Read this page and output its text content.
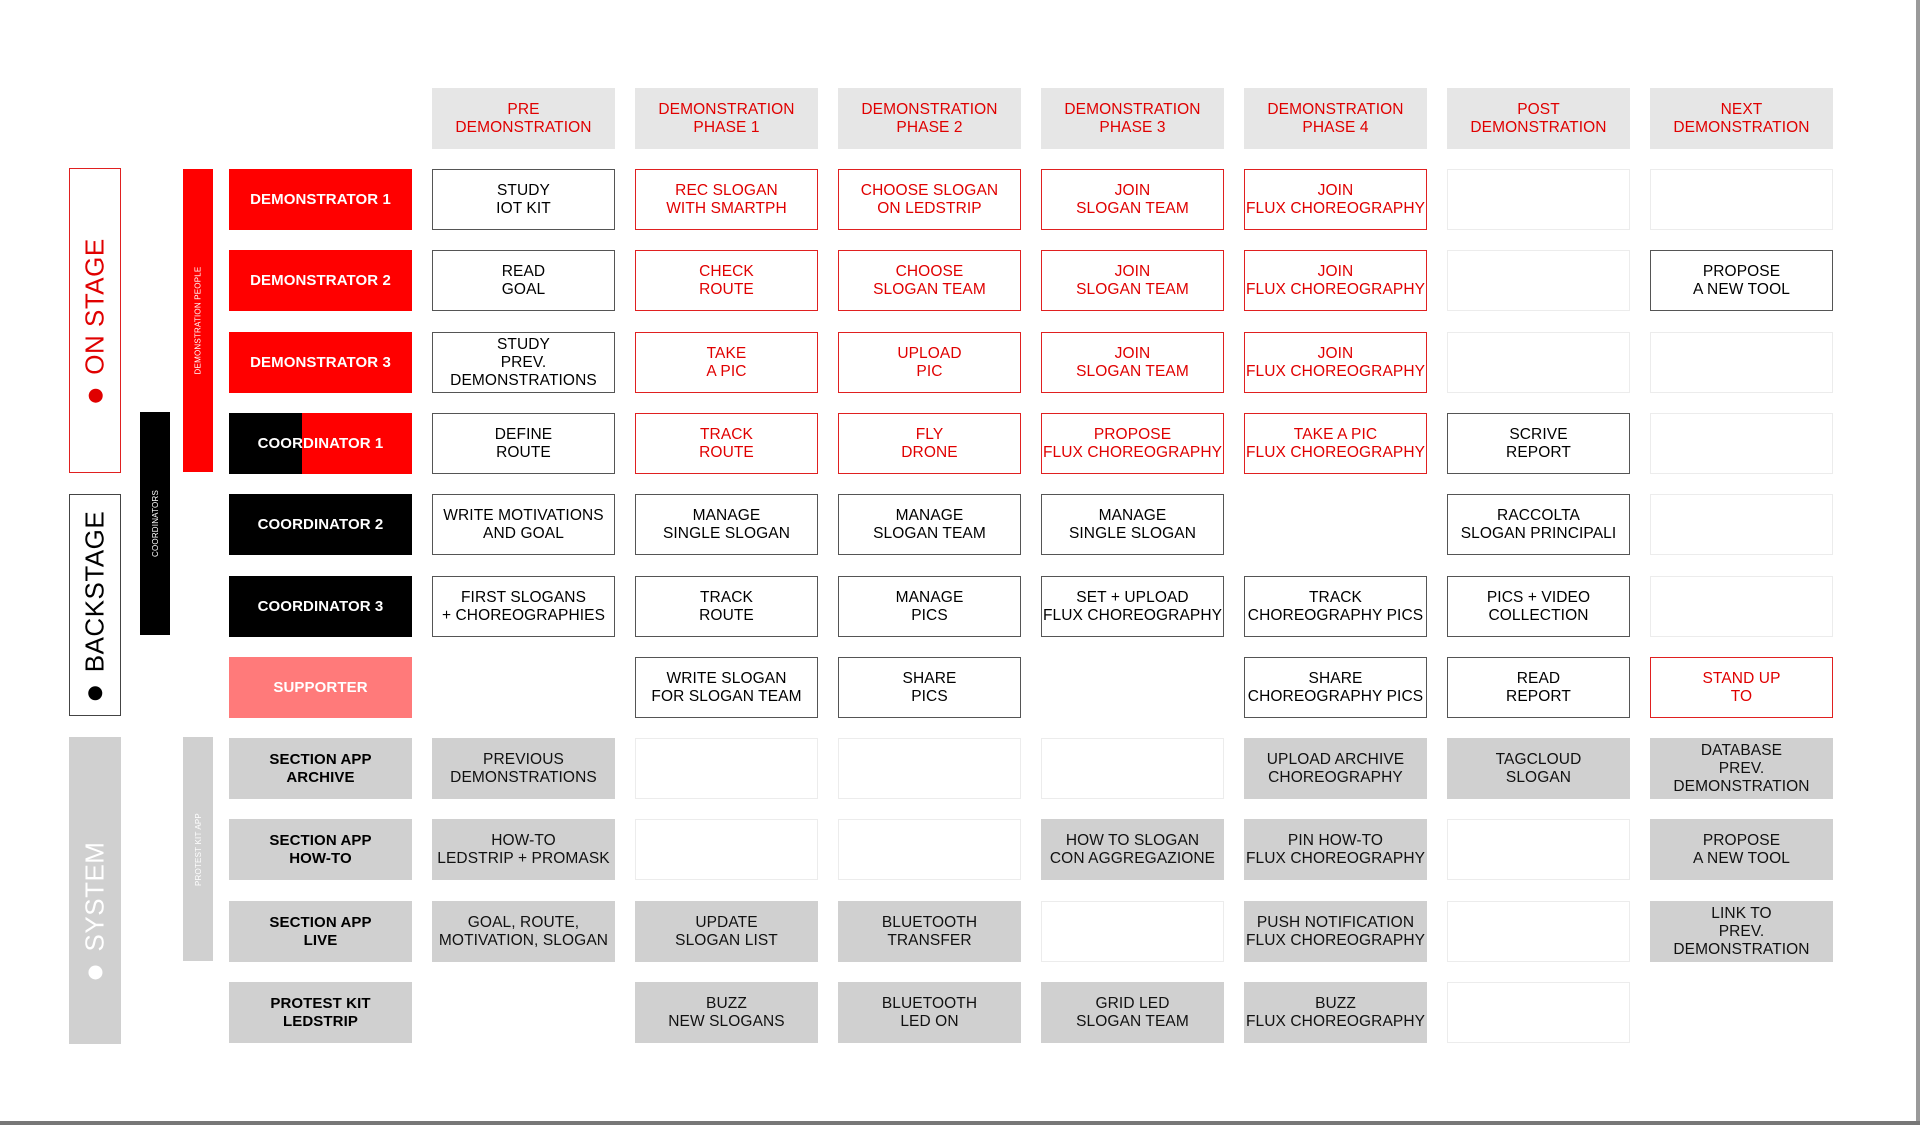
ON STAGE
BACKSTAGE
SYSTEM
DEMONSTRATION PEOPLE
COORDINATORS
PROTEST KIT APP
PRE
DEMONSTRATION
DEMONSTRATION
PHASE 1
DEMONSTRATION
PHASE 2
DEMONSTRATION
PHASE 3
DEMONSTRATION
PHASE 4
POST
DEMONSTRATION
NEXT
DEMONSTRATION
DEMONSTRATOR 1
STUDY
IOT KIT
REC SLOGAN
WITH SMARTPH
CHOOSE SLOGAN
ON LEDSTRIP
JOIN
SLOGAN TEAM
JOIN
FLUX CHOREOGRAPHY
DEMONSTRATOR 2
READ
GOAL
CHECK
ROUTE
CHOOSE
SLOGAN TEAM
JOIN
SLOGAN TEAM
JOIN
FLUX CHOREOGRAPHY
PROPOSE
A NEW TOOL
DEMONSTRATOR 3
STUDY
PREV. DEMONSTRATIONS
TAKE
A PIC
UPLOAD
PIC
JOIN
SLOGAN TEAM
JOIN
FLUX CHOREOGRAPHY
COORDINATOR 1
DEFINE
ROUTE
TRACK
ROUTE
FLY
DRONE
PROPOSE
FLUX CHOREOGRAPHY
TAKE A PIC
FLUX CHOREOGRAPHY
SCRIVE
REPORT
COORDINATOR 2
WRITE MOTIVATIONS
AND GOAL
MANAGE
SINGLE SLOGAN
MANAGE
SLOGAN TEAM
MANAGE
SINGLE SLOGAN
RACCOLTA
SLOGAN PRINCIPALI
COORDINATOR 3
FIRST SLOGANS
+ CHOREOGRAPHIES
TRACK
ROUTE
MANAGE
PICS
SET + UPLOAD
FLUX CHOREOGRAPHY
TRACK
CHOREOGRAPHY PICS
PICS + VIDEO
COLLECTION
SUPPORTER
WRITE SLOGAN
FOR SLOGAN TEAM
SHARE
PICS
SHARE
CHOREOGRAPHY PICS
READ
REPORT
STAND UP
TO
SECTION APP
ARCHIVE
PREVIOUS
DEMONSTRATIONS
UPLOAD ARCHIVE
CHOREOGRAPHY
TAGCLOUD
SLOGAN
DATABASE
PREV. DEMONSTRATION
SECTION APP
HOW-TO
HOW-TO
LEDSTRIP + PROMASK
HOW TO SLOGAN
CON AGGREGAZIONE
PIN HOW-TO
FLUX CHOREOGRAPHY
PROPOSE
A NEW TOOL
SECTION APP
LIVE
GOAL, ROUTE,
MOTIVATION, SLOGAN
UPDATE
SLOGAN LIST
BLUETOOTH
TRANSFER
PUSH NOTIFICATION
FLUX CHOREOGRAPHY
LINK TO
PREV. DEMONSTRATION
PROTEST KIT
LEDSTRIP
BUZZ
NEW SLOGANS
BLUETOOTH
LED ON
GRID LED
SLOGAN TEAM
BUZZ
FLUX CHOREOGRAPHY
